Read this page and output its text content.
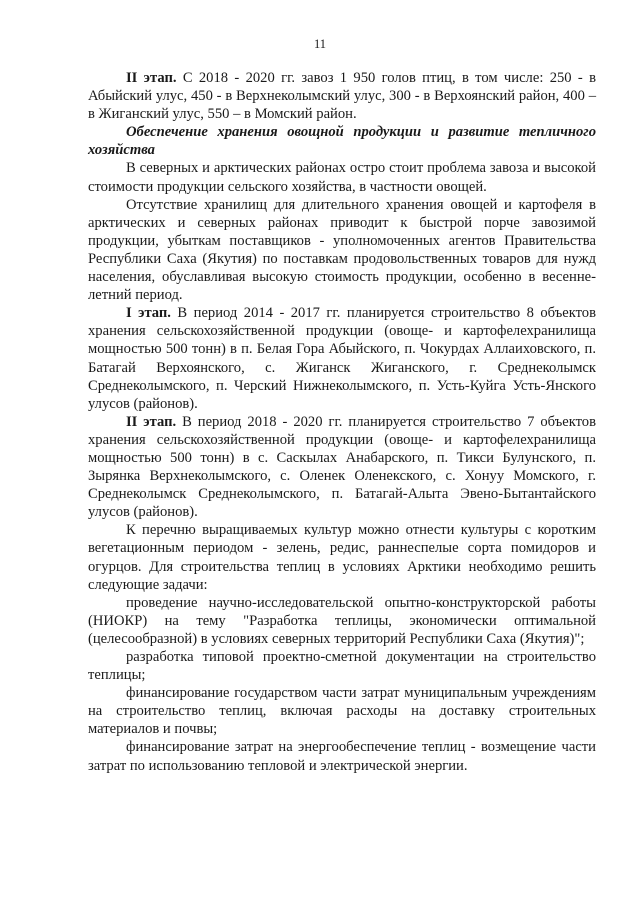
11

II этап. С 2018 - 2020 гг. завоз 1 950 голов птиц, в том числе: 250 - в Абыйский улус, 450 - в Верхнеколымский улус, 300 - в Верхоянский район, 400 – в Жиганский улус, 550 – в Момский район.

Обеспечение хранения овощной продукции и развитие тепличного хозяйства

В северных и арктических районах остро стоит проблема завоза и высокой стоимости продукции сельского хозяйства, в частности овощей.

Отсутствие хранилищ для длительного хранения овощей и картофеля в арктических и северных районах приводит к быстрой порче завозимой продукции, убыткам поставщиков - уполномоченных агентов Правительства Республики Саха (Якутия) по поставкам продовольственных товаров для нужд населения, обуславливая высокую стоимость продукции, особенно в весенне-летний период.

I этап. В период 2014 - 2017 гг. планируется строительство 8 объектов хранения сельскохозяйственной продукции (овоще- и картофелехранилища мощностью 500 тонн) в п. Белая Гора Абыйского, п. Чокурдах Аллаиховского, п. Батагай Верхоянского, с. Жиганск Жиганского, г. Среднеколымск Среднеколымского, п. Черский Нижнеколымского, п. Усть-Куйга Усть-Янского улусов (районов).

II этап. В период 2018 - 2020 гг. планируется строительство 7 объектов хранения сельскохозяйственной продукции (овоще- и картофелехранилища мощностью 500 тонн) в с. Саскылах Анабарского, п. Тикси Булунского, п. Зырянка Верхнеколымского, с. Оленек Оленекского, с. Хонуу Момского, г. Среднеколымск Среднеколымского, п. Батагай-Алыта Эвено-Бытантайского улусов (районов).

К перечню выращиваемых культур можно отнести культуры с коротким вегетационным периодом - зелень, редис, раннеспелые сорта помидоров и огурцов. Для строительства теплиц в условиях Арктики необходимо решить следующие задачи:

проведение научно-исследовательской опытно-конструкторской работы (НИОКР) на тему "Разработка теплицы, экономически оптимальной (целесообразной) в условиях северных территорий Республики Саха (Якутия)";

разработка типовой проектно-сметной документации на строительство теплицы;

финансирование государством части затрат муниципальным учреждениям на строительство теплиц, включая расходы на доставку строительных материалов и почвы;

финансирование затрат на энергообеспечение теплиц - возмещение части затрат по использованию тепловой и электрической энергии.
